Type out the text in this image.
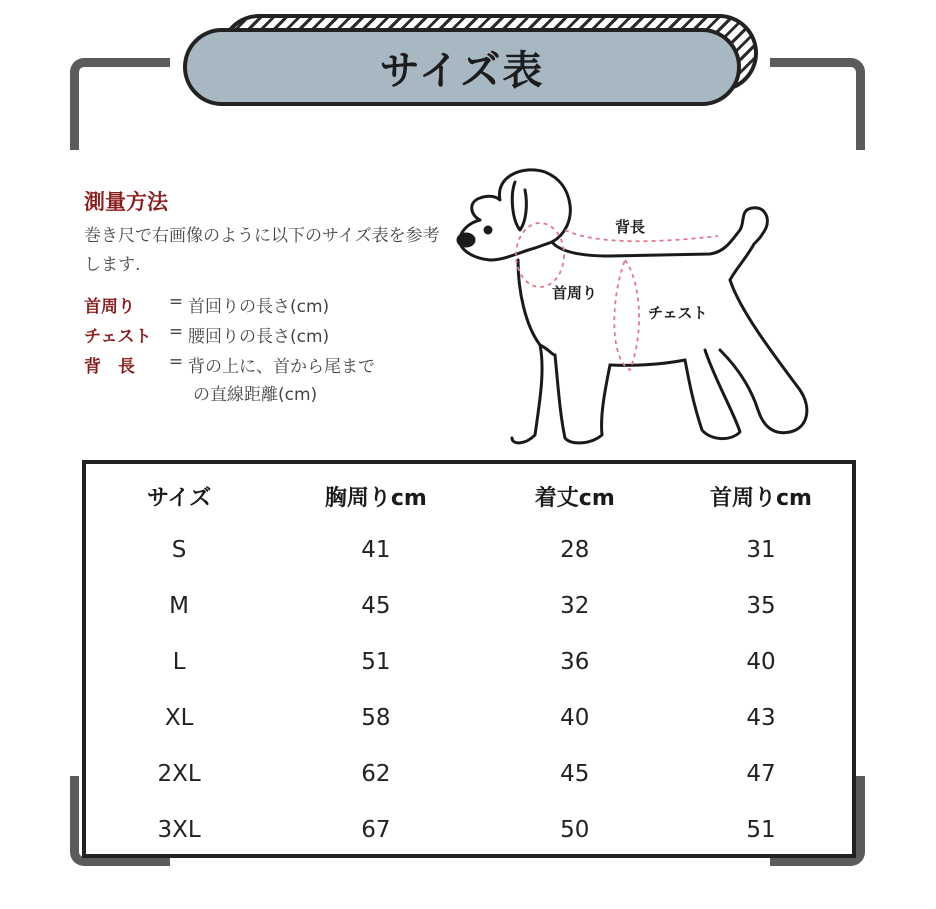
サイズ表
測量方法
巻き尺で右画像のように以下のサイズ表を参考します.
首周り	= 首回りの長さ(cm)
チェスト	= 腰回りの長さ(cm)
背　長	= 背の上に、首から尾まで
の直線距離(cm)
背長
首周り
チェスト
サイズ	胸周りcm	着丈cm	首周りcm
S	41	28	31
M	45	32	35
L	51	36	40
XL	58	40	43
2XL	62	45	47
3XL	67	50	51
